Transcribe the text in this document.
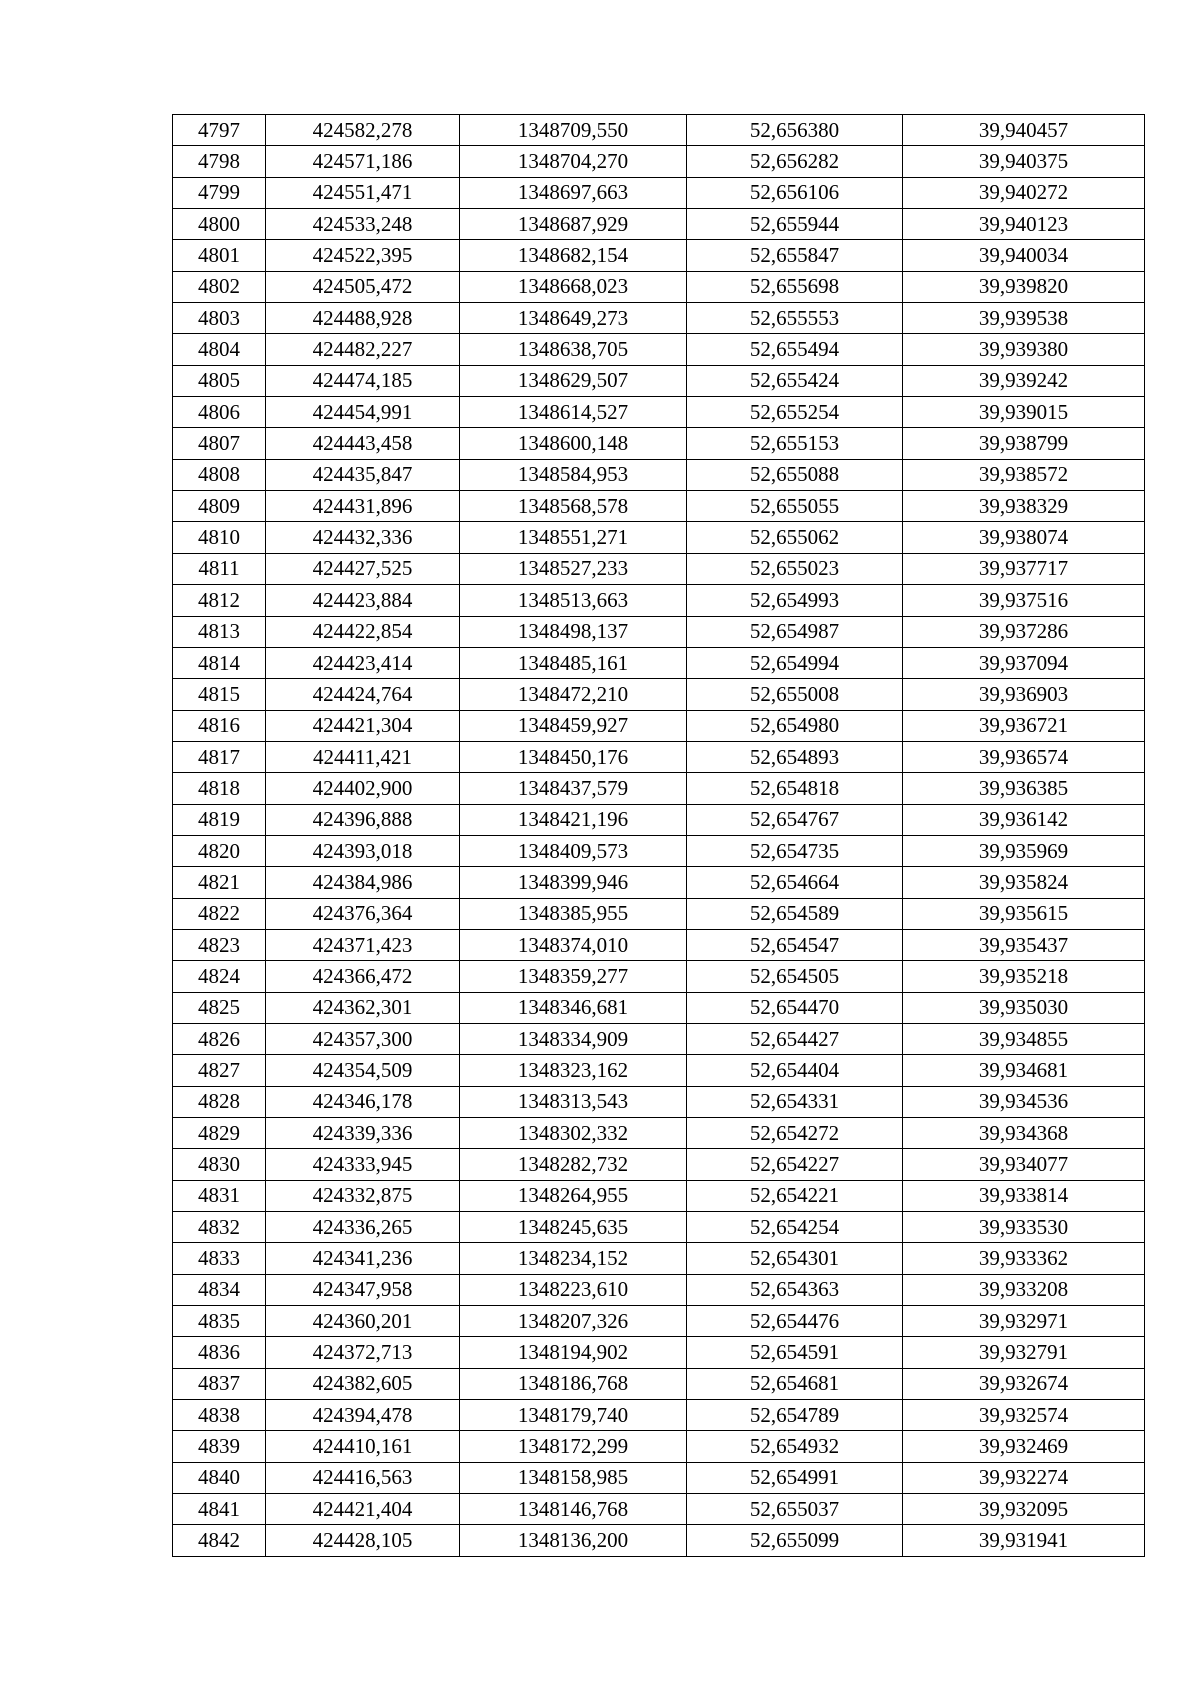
4797	424582,278	1348709,550	52,656380	39,940457
4798	424571,186	1348704,270	52,656282	39,940375
4799	424551,471	1348697,663	52,656106	39,940272
4800	424533,248	1348687,929	52,655944	39,940123
4801	424522,395	1348682,154	52,655847	39,940034
4802	424505,472	1348668,023	52,655698	39,939820
4803	424488,928	1348649,273	52,655553	39,939538
4804	424482,227	1348638,705	52,655494	39,939380
4805	424474,185	1348629,507	52,655424	39,939242
4806	424454,991	1348614,527	52,655254	39,939015
4807	424443,458	1348600,148	52,655153	39,938799
4808	424435,847	1348584,953	52,655088	39,938572
4809	424431,896	1348568,578	52,655055	39,938329
4810	424432,336	1348551,271	52,655062	39,938074
4811	424427,525	1348527,233	52,655023	39,937717
4812	424423,884	1348513,663	52,654993	39,937516
4813	424422,854	1348498,137	52,654987	39,937286
4814	424423,414	1348485,161	52,654994	39,937094
4815	424424,764	1348472,210	52,655008	39,936903
4816	424421,304	1348459,927	52,654980	39,936721
4817	424411,421	1348450,176	52,654893	39,936574
4818	424402,900	1348437,579	52,654818	39,936385
4819	424396,888	1348421,196	52,654767	39,936142
4820	424393,018	1348409,573	52,654735	39,935969
4821	424384,986	1348399,946	52,654664	39,935824
4822	424376,364	1348385,955	52,654589	39,935615
4823	424371,423	1348374,010	52,654547	39,935437
4824	424366,472	1348359,277	52,654505	39,935218
4825	424362,301	1348346,681	52,654470	39,935030
4826	424357,300	1348334,909	52,654427	39,934855
4827	424354,509	1348323,162	52,654404	39,934681
4828	424346,178	1348313,543	52,654331	39,934536
4829	424339,336	1348302,332	52,654272	39,934368
4830	424333,945	1348282,732	52,654227	39,934077
4831	424332,875	1348264,955	52,654221	39,933814
4832	424336,265	1348245,635	52,654254	39,933530
4833	424341,236	1348234,152	52,654301	39,933362
4834	424347,958	1348223,610	52,654363	39,933208
4835	424360,201	1348207,326	52,654476	39,932971
4836	424372,713	1348194,902	52,654591	39,932791
4837	424382,605	1348186,768	52,654681	39,932674
4838	424394,478	1348179,740	52,654789	39,932574
4839	424410,161	1348172,299	52,654932	39,932469
4840	424416,563	1348158,985	52,654991	39,932274
4841	424421,404	1348146,768	52,655037	39,932095
4842	424428,105	1348136,200	52,655099	39,931941
